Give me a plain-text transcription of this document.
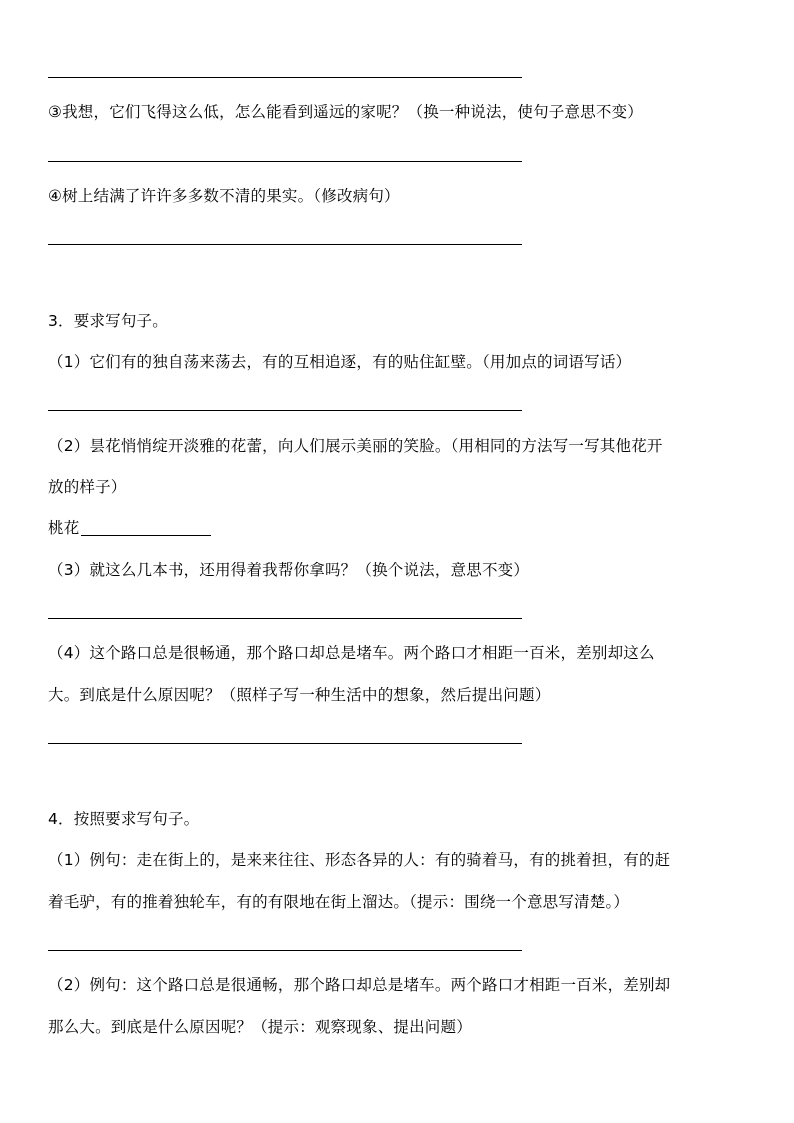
③我想，它们飞得这么低，怎么能看到遥远的家呢？（换一种说法，使句子意思不变）
④树上结满了许许多多数不清的果实。（修改病句）
3．要求写句子。
（1）它们有的独自荡来荡去，有的互相追逐，有的贴住缸壁。（用加点的词语写话）
（2）昙花悄悄绽开淡雅的花蕾，向人们展示美丽的笑脸。（用相同的方法写一写其他花开
放的样子）
桃花
（3）就这么几本书，还用得着我帮你拿吗？（换个说法，意思不变）
（4）这个路口总是很畅通，那个路口却总是堵车。两个路口才相距一百米，差别却这么
大。到底是什么原因呢？（照样子写一种生活中的想象，然后提出问题）
4．按照要求写句子。
（1）例句：走在街上的，是来来往往、形态各异的人：有的骑着马，有的挑着担，有的赶
着毛驴，有的推着独轮车，有的有限地在街上溜达。（提示：围绕一个意思写清楚。）
（2）例句：这个路口总是很通畅，那个路口却总是堵车。两个路口才相距一百米，差别却
那么大。到底是什么原因呢？（提示：观察现象、提出问题）
